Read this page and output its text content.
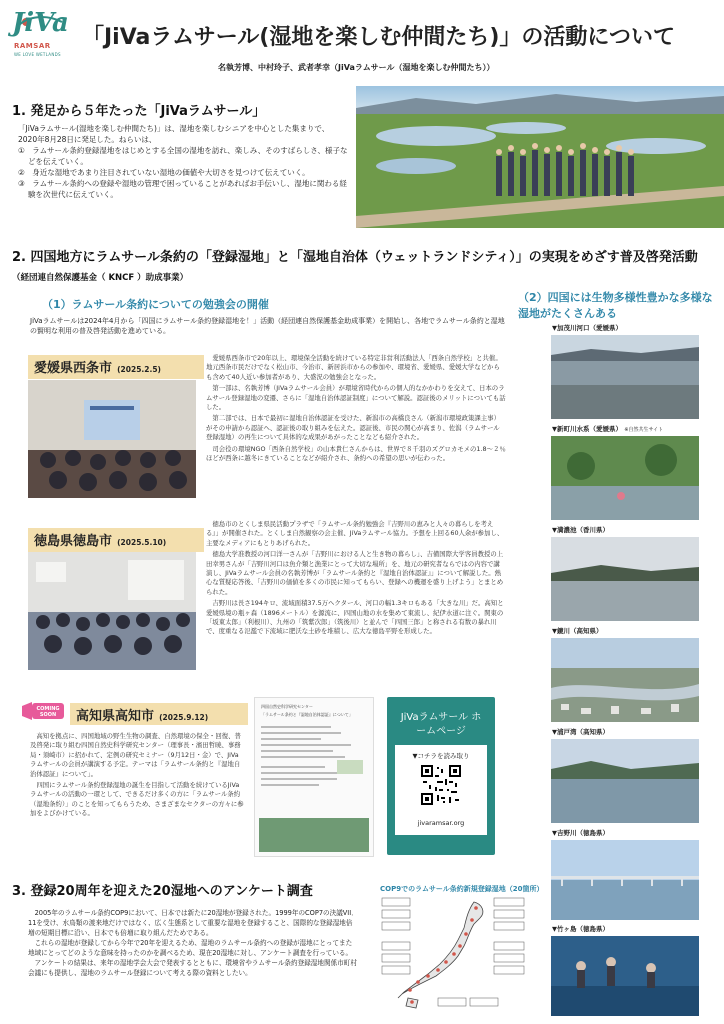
JiVa
RAMSAR
WE LOVE WETLANDS
「JiVaラムサール(湿地を楽しむ仲間たち)」の活動について
名執芳博、中村玲子、武者孝幸（JiVaラムサール（湿地を楽しむ仲間たち））
1. 発足から５年たった「JiVaラムサール」

「JiVaラムサール(湿地を楽しむ仲間たち)」は、湿地を楽しむシニアを中心とした集まりで、2020年8月28日に発足した。ねらいは、

①　ラムサール条約登録湿地をはじめとする全国の湿地を訪れ、楽しみ、そのすばらしさ、様子などを伝えていく。

②　身近な湿地であまり注目されていない湿地の価値や大切さを見つけて伝えていく。

③　ラムサール条約への登録や湿地の管理で困っていることがあればお手伝いし、湿地に関わる経験を次世代に伝えていく。

2. 四国地方にラムサール条約の「登録湿地」と「湿地自治体（ウェットランドシティ）」の実現をめざす普及啓発活動 （経団連自然保護基金（ KNCF ）助成事業）
（1）ラムサール条約についての勉強会の開催
（2）四国には生物多様性豊かな多様な湿地がたくさんある
JiVaラムサールは2024年4月から「四国にラムサール条約登録湿地を！」活動（経団連自然保護基金助成事業）を開始し、各地でラムサール条約と湿地の賢明な利用の普及啓発活動を進めている。
愛媛県西条市 (2025.2.5)

愛媛県西条市で20年以上、環境保全活動を続けている特定非営利活動法人「西条自然学校」と共催。地元西条市民だけでなく松山市、今治市、新居浜市からの参加や、環境省、愛媛県、愛媛大学などからも含めて40人近い参加者があり、大盛況の勉強会となった。

第一部は、名執芳博（JiVaラムサール会員）が環境省時代からの個人的なかかわりを交えて、日本のラムサール登録湿地の変遷、さらに「湿地自治体認証制度」について解説。認証後のメリットについても話した。

第二部では、日本で最初に湿地自治体認証を受けた、新潟市の高橋良さん（新潟市環境政策課主事）がその申請から認証へ、認証後の取り組みを伝えた。認証後、市民の関心が高まり、佐潟（ラムサール登録湿地）の再生について具体的な成果があがったことなども紹介された。

司会役の環境NGO「西条自然学校」の山本貴仁さんからは、世界で８千羽のズグロカモメの1.8〜２％ほどが西条に越冬にきていることなどが紹介され、条約への希望の思いが伝わった。

徳島県徳島市 (2025.5.10)

徳島市のとくしま県民活動プラザで「ラムサール条約勉強会『吉野川の恵みと人々の暮らしを考える』」が開催された。とくしま自然観察の会主催、JiVaラムサール協力。予想を上回る60人余が参加し、主要なメディアにもとりあげられた。

徳島大学准教授の河口洋一さんが「吉野川における人と生き物の暮らし」、吉備国際大学客員教授の上田幸男さんが「吉野川河口は魚介類と漁業にとって大切な場所」を、地元の研究者ならではの内容で講演し、JiVaラムサール会員の名執芳博が「ラムサール条約と『湿地自治体認証』」について解説した。熱心な質疑応答後、「吉野川の価値を多くの市民に知ってもらい、登録への機運を盛り上げよう」とまとめられた。

吉野川は長さ194キロ、流域面積37.5万ヘクタール、河口の幅1.3キロもある「大きな川」だ。高知と愛媛県境の瓶ヶ森（1896メートル）を源流に、四国山地の水を集めて東流し、紀伊水道に注ぐ。関東の「坂東太郎」（利根川）、九州の「筑紫次郎」（筑後川）と並んで「四国三郎」と称される有数の暴れ川で、度重なる氾濫で下流域に肥沃な土砂を堆積し、広大な徳島平野を形成した。

COMING
SOON	高知県高知市 (2025.9.12)

高知を拠点に、四国地域の野生生物の調査、自然環境の保全・回復、普及啓発に取り組む四国自然史科学研究センター（理事長・濱田哲暁、事務局・須崎市）に招かれて、定例の研究セミナー（9月12日・金）で、JiVaラムサールの会員が講演する予定。テーマは「ラムサール条約と『湿地自治体認証』について」。

四国にラムサール条約登録湿地の誕生を目指して活動を続けているJiVaラムサールの活動の一環として、できるだけ多くの方に「ラムサール条約（湿地条約）」のことを知ってもらうため、さまざまなセクターの方々に参加をよびかけている。

四国自然史科学研究センター
「ラムサール条約と『湿地自治体認証』について」	JiVaラムサール ホームページ
▼コチラを読み取り
jivaramsar.org
▼加茂川河口（愛媛県）
▼新町川水系（愛媛県） ※自然共生サイト
▼満濃池（香川県）
▼鏡川（高知県）
▼浦戸湾（高知県）
▼吉野川（徳島県）
▼竹ヶ島（徳島県）
3. 登録20周年を迎えた20湿地へのアンケート調査

2005年のラムサール条約COP9において、日本では新たに20湿地が登録された。1999年のCOP7の決議VII．11を受け、水鳥類の渡来地だけではなく、広く生態系として重要な湿地を登録すること、国際的な登録湿地倍増の短期目標に沿い、日本でも倍増に取り組んだためである。

これらの湿地が登録してから今年で20年を迎えるため、湿地のラムサール条約への登録が湿地にとってまた地域にとってどのような意味を持ったのかを調べるため、現在20湿地に対し、アンケート調査を行っている。

アンケートの結果は、来年の湿地学会大会で発表するとともに、環境省やラムサール条約登録湿地関係市町村会議にも提供し、湿地のラムサール登録について考える際の資料としたい。

COP9でのラムサール条約新規登録湿地（20箇所）
